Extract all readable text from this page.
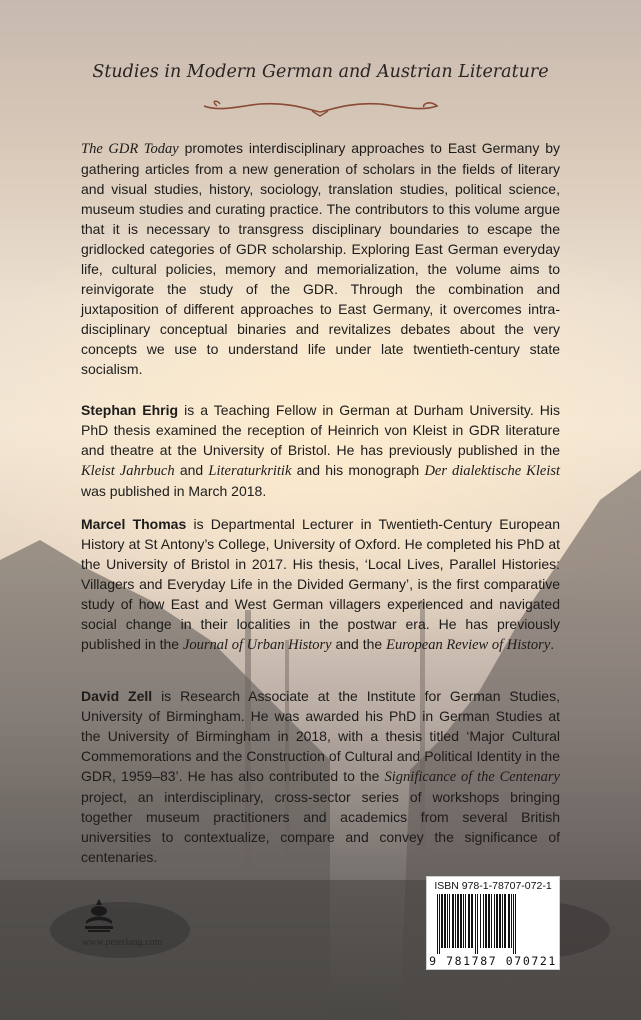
Studies in Modern German and Austrian Literature

The GDR Today promotes interdisciplinary approaches to East Germany by gathering articles from a new generation of scholars in the fields of literary and visual studies, history, sociology, translation studies, political science, museum studies and curating practice. The contributors to this volume argue that it is necessary to transgress disciplinary boundaries to escape the gridlocked categories of GDR scholarship. Exploring East German everyday life, cultural policies, memory and memorialization, the volume aims to reinvigorate the study of the GDR. Through the combination and juxtaposition of different approaches to East Germany, it overcomes intra-disciplinary conceptual binaries and revitalizes debates about the very concepts we use to understand life under late twentieth-century state socialism.

Stephan Ehrig is a Teaching Fellow in German at Durham University. His PhD thesis examined the reception of Heinrich von Kleist in GDR literature and theatre at the University of Bristol. He has previously published in the Kleist Jahrbuch and Literaturkritik and his monograph Der dialektische Kleist was published in March 2018.

Marcel Thomas is Departmental Lecturer in Twentieth-Century European History at St Antony’s College, University of Oxford. He completed his PhD at the University of Bristol in 2017. His thesis, ‘Local Lives, Parallel Histories: Villagers and Everyday Life in the Divided Germany’, is the first comparative study of how East and West German villagers experienced and navigated social change in their localities in the postwar era. He has previously published in the Journal of Urban History and the European Review of History.

David Zell is Research Associate at the Institute for German Studies, University of Birmingham. He was awarded his PhD in German Studies at the University of Birmingham in 2018, with a thesis titled ‘Major Cultural Commemorations and the Construction of Cultural and Political Identity in the GDR, 1959–83’. He has also contributed to the Significance of the Centenary project, an interdisciplinary, cross-sector series of workshops bringing together museum practitioners and academics from several British universities to contextualize, compare and convey the significance of centenaries.

www.peterlang.com
ISBN 978-1-78707-072-1
9 781787 070721
